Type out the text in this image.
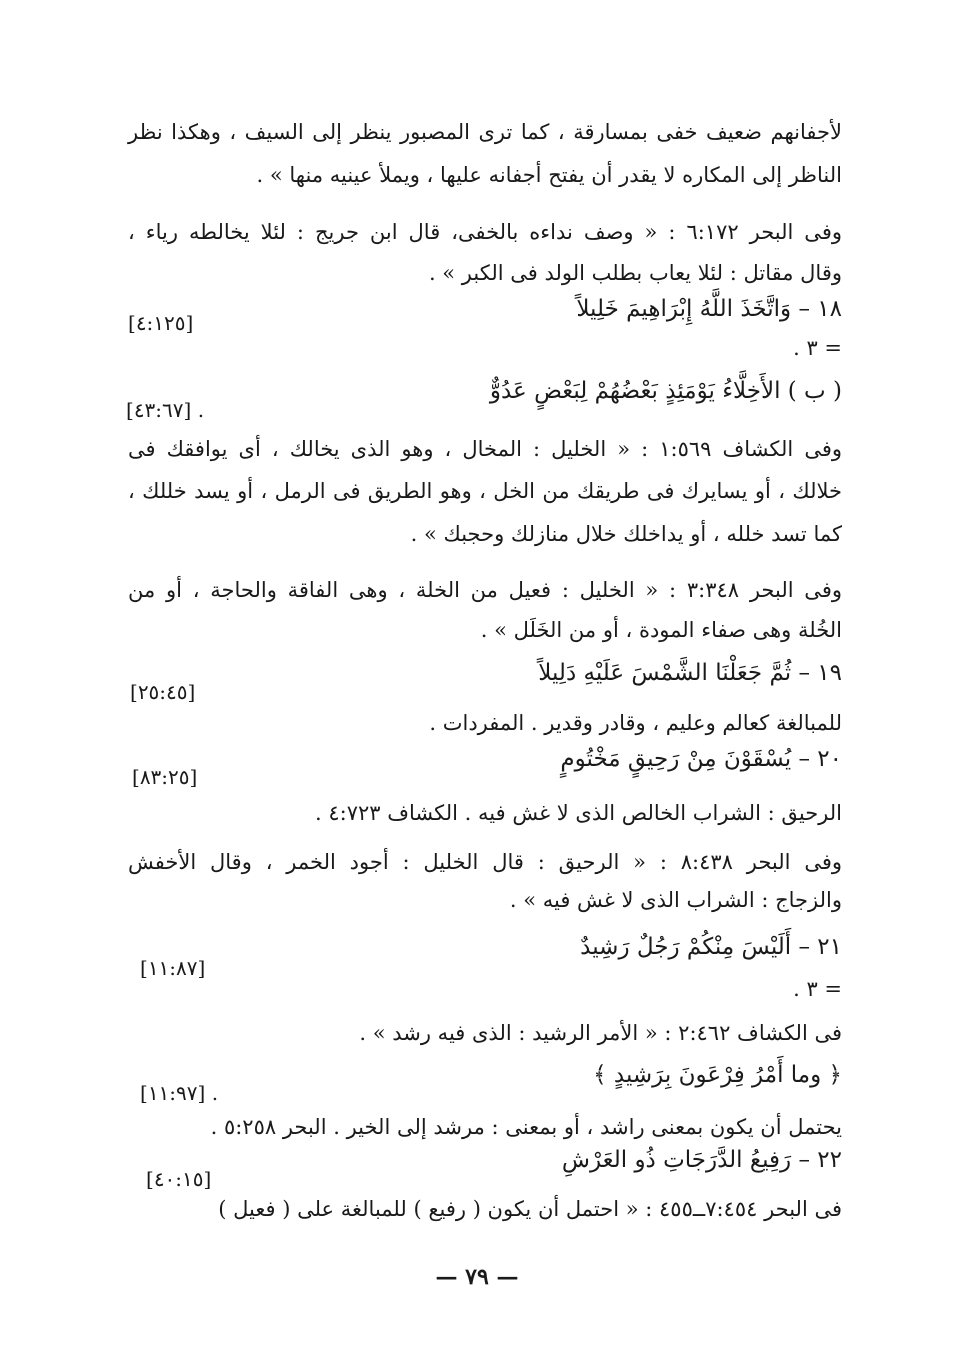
لأجفانهم ضعيف خفى بمسارقة ، كما ترى المصبور ينظر إلى السيف ، وهكذا نظر
الناظر إلى المكاره لا يقدر أن يفتح أجفانه عليها ، ويملأ عينيه منها » .
وفى البحر ٦:١٧٢ : « وصف نداءه بالخفى، قال ابن جريج : لئلا يخالطه رياء ،
وقال مقاتل : لئلا يعاب بطلب الولد فى الكبر » .
١٨ – وَاتَّخَذَ اللَّهُ إِبْرَاهِيمَ خَلِيلاً
[٤:١٢٥]
= ٣ .
( ب ) الأَخِلَّاءُ يَوْمَئِذٍ بَعْضُهُمْ لِبَعْضٍ عَدُوٌّ
. [٤٣:٦٧]
وفى الكشاف ١:٥٦٩ : « الخليل : المخال ، وهو الذى يخالك ، أى يوافقك فى
خلالك ، أو يسايرك فى طريقك من الخل ، وهو الطريق فى الرمل ، أو يسد خللك ،
كما تسد خلله ، أو يداخلك خلال منازلك وحجبك » .
وفى البحر ٣:٣٤٨ : « الخليل : فعيل من الخلة ، وهى الفاقة والحاجة ، أو من
الخُلة وهى صفاء المودة ، أو من الخَلَل » .
١٩ – ثُمَّ جَعَلْنَا الشَّمْسَ عَلَيْهِ دَلِيلاً
[٢٥:٤٥]
للمبالغة كعالم وعليم ، وقادر وقدير . المفردات .
٢٠ – يُسْقَوْنَ مِنْ رَحِيقٍ مَخْتُومٍ
[٨٣:٢٥]
الرحيق : الشراب الخالص الذى لا غش فيه . الكشاف ٤:٧٢٣ .
وفى البحر ٨:٤٣٨ : « الرحيق : قال الخليل : أجود الخمر ، وقال الأخفش
والزجاج : الشراب الذى لا غش فيه » .
٢١ – أَلَيْسَ مِنْكُمْ رَجُلٌ رَشِيدٌ
[١١:٨٧]
= ٣ .
فى الكشاف ٢:٤٦٢ : « الأمر الرشيد : الذى فيه رشد » .
﴿ وما أَمْرُ فِرْعَونَ بِرَشِيدٍ ﴾
. [١١:٩٧]
يحتمل أن يكون بمعنى راشد ، أو بمعنى : مرشد إلى الخير . البحر ٥:٢٥٨ .
٢٢ – رَفِيعُ الدَّرَجَاتِ ذُو العَرْشِ
[٤٠:١٥]
فى البحر ٧:٤٥٤ــ٤٥٥ : « احتمل أن يكون ( رفيع ) للمبالغة على ( فعيل )
— ٧٩ —
